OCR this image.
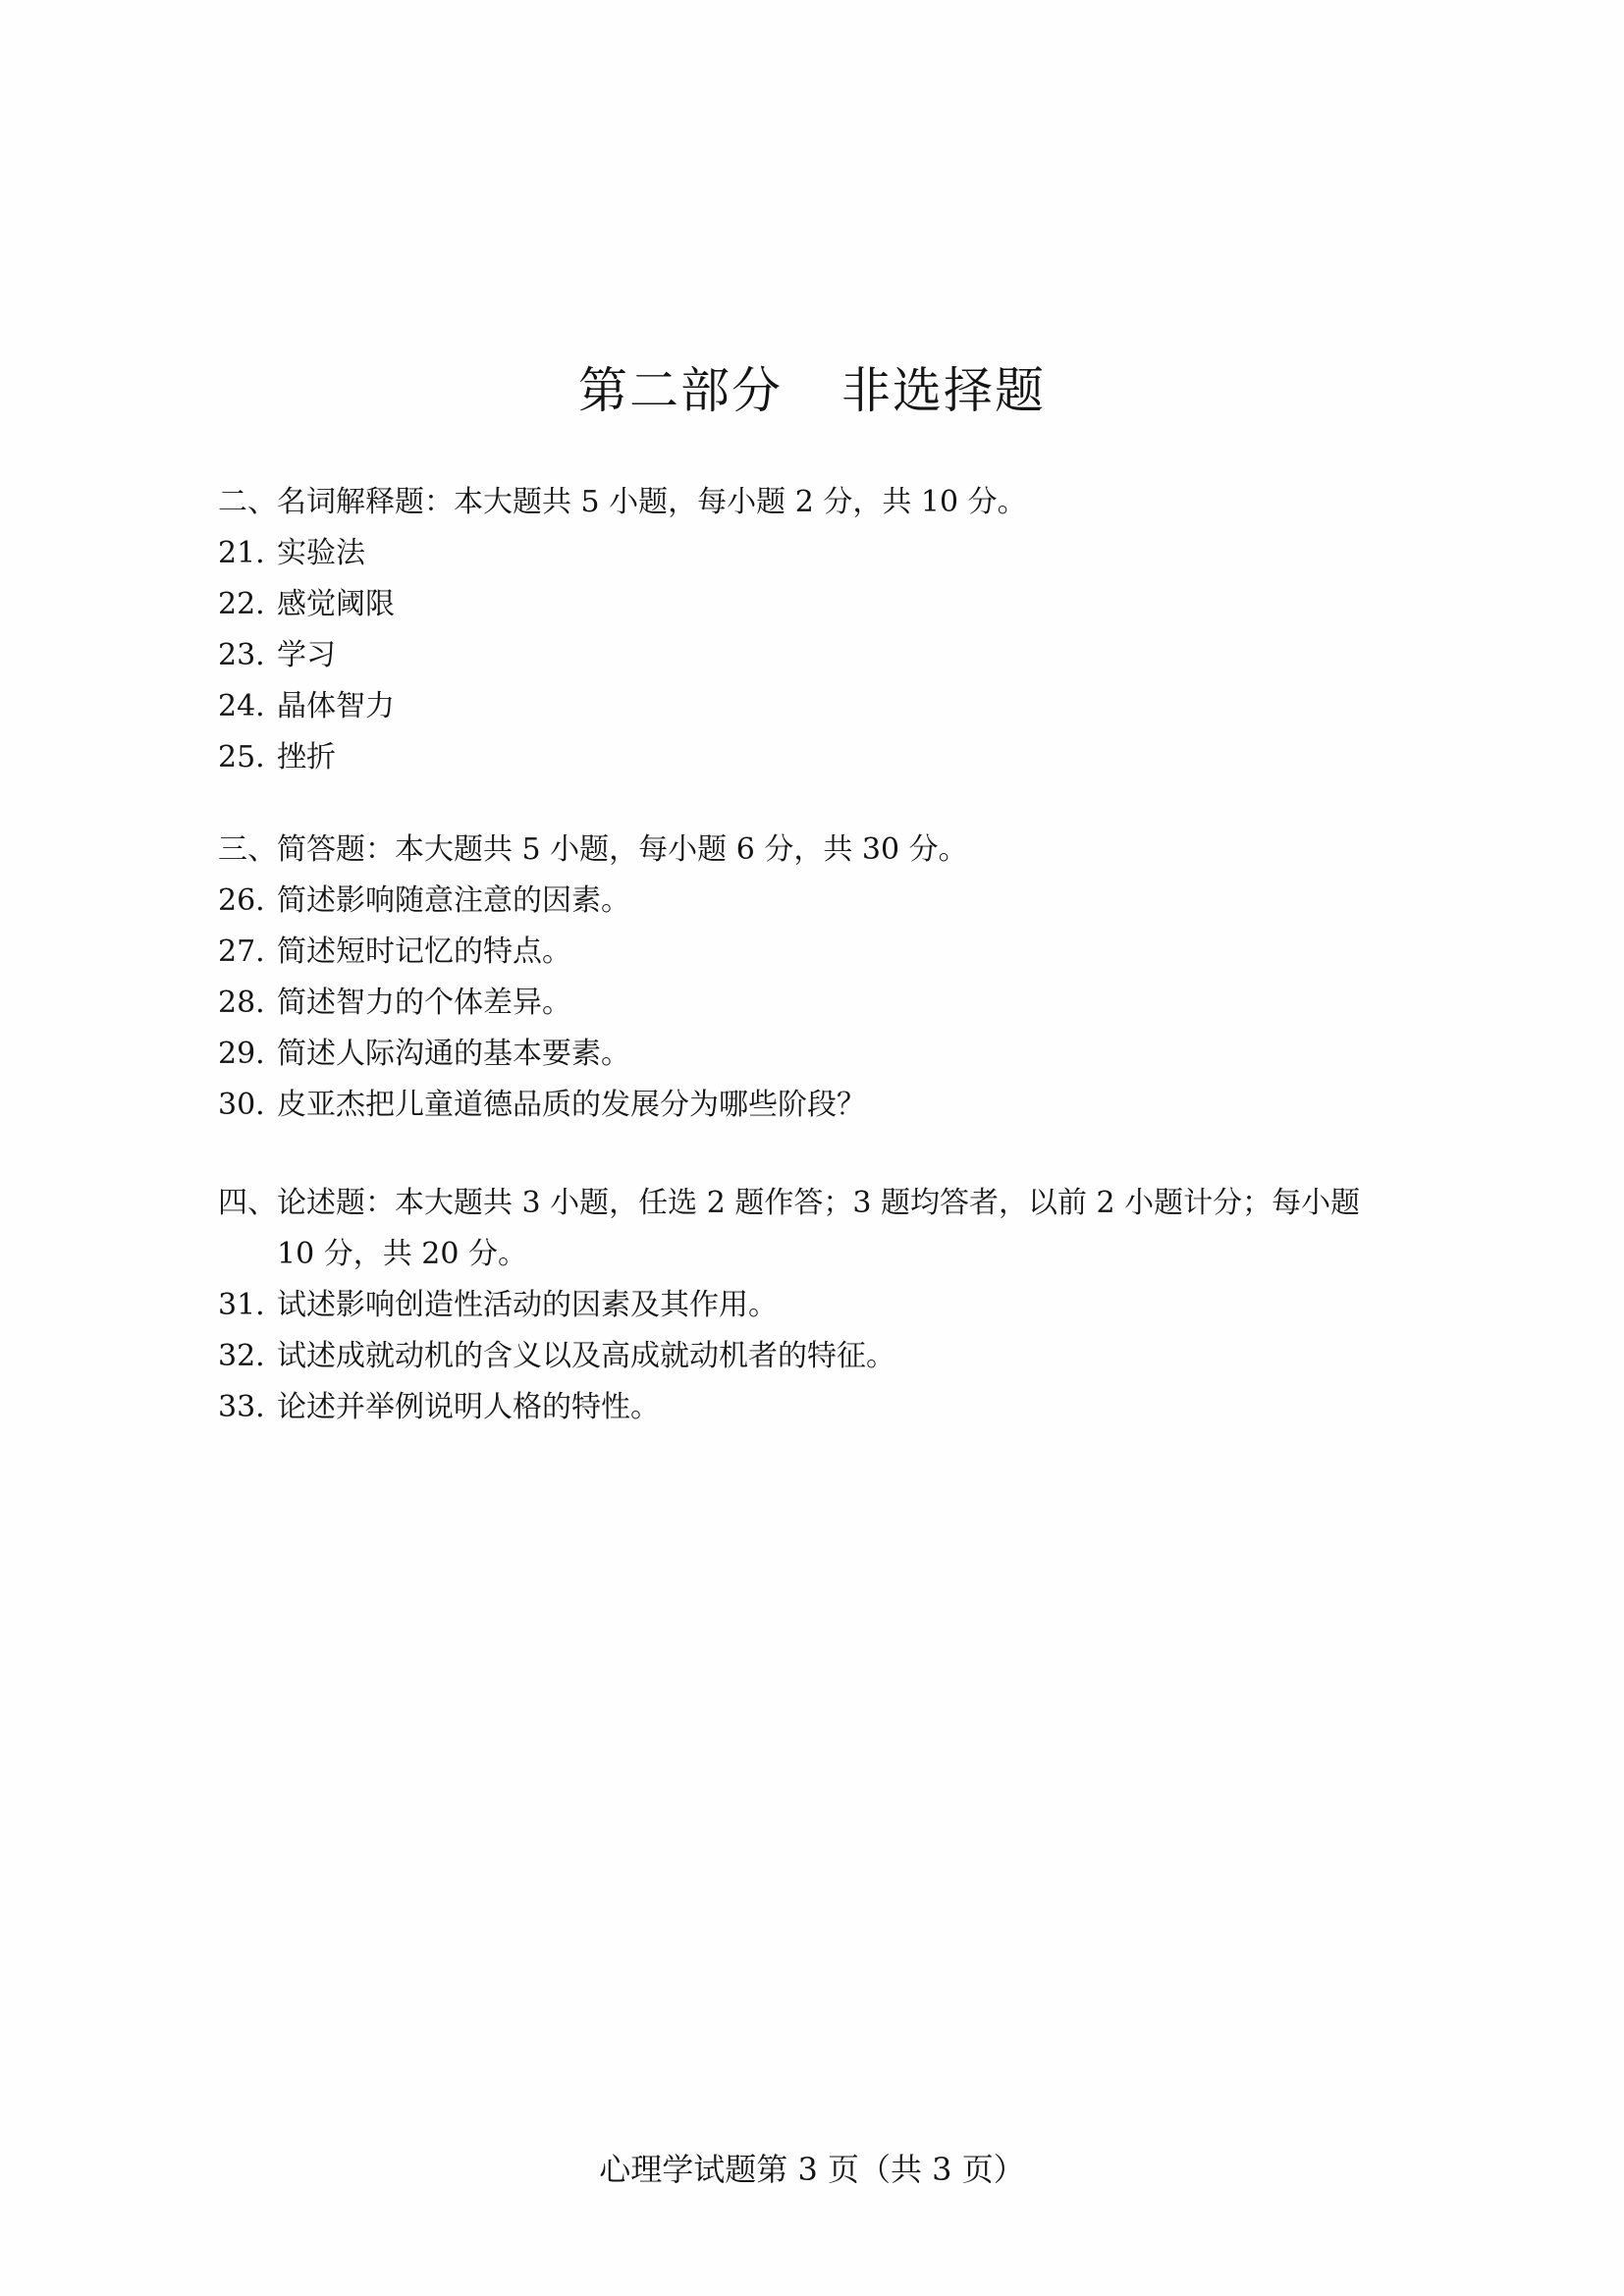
第二部分 非选择题
二、名词解释题：本大题共 5 小题，每小题 2 分，共 10 分。
21. 实验法
22. 感觉阈限
23. 学习
24. 晶体智力
25. 挫折
三、简答题：本大题共 5 小题，每小题 6 分，共 30 分。
26. 简述影响随意注意的因素。
27. 简述短时记忆的特点。
28. 简述智力的个体差异。
29. 简述人际沟通的基本要素。
30. 皮亚杰把儿童道德品质的发展分为哪些阶段？
四、论述题：本大题共 3 小题，任选 2 题作答；3 题均答者，以前 2 小题计分；每小题
10 分，共 20 分。
31. 试述影响创造性活动的因素及其作用。
32. 试述成就动机的含义以及高成就动机者的特征。
33. 论述并举例说明人格的特性。
心理学试题第 3 页（共 3 页）
